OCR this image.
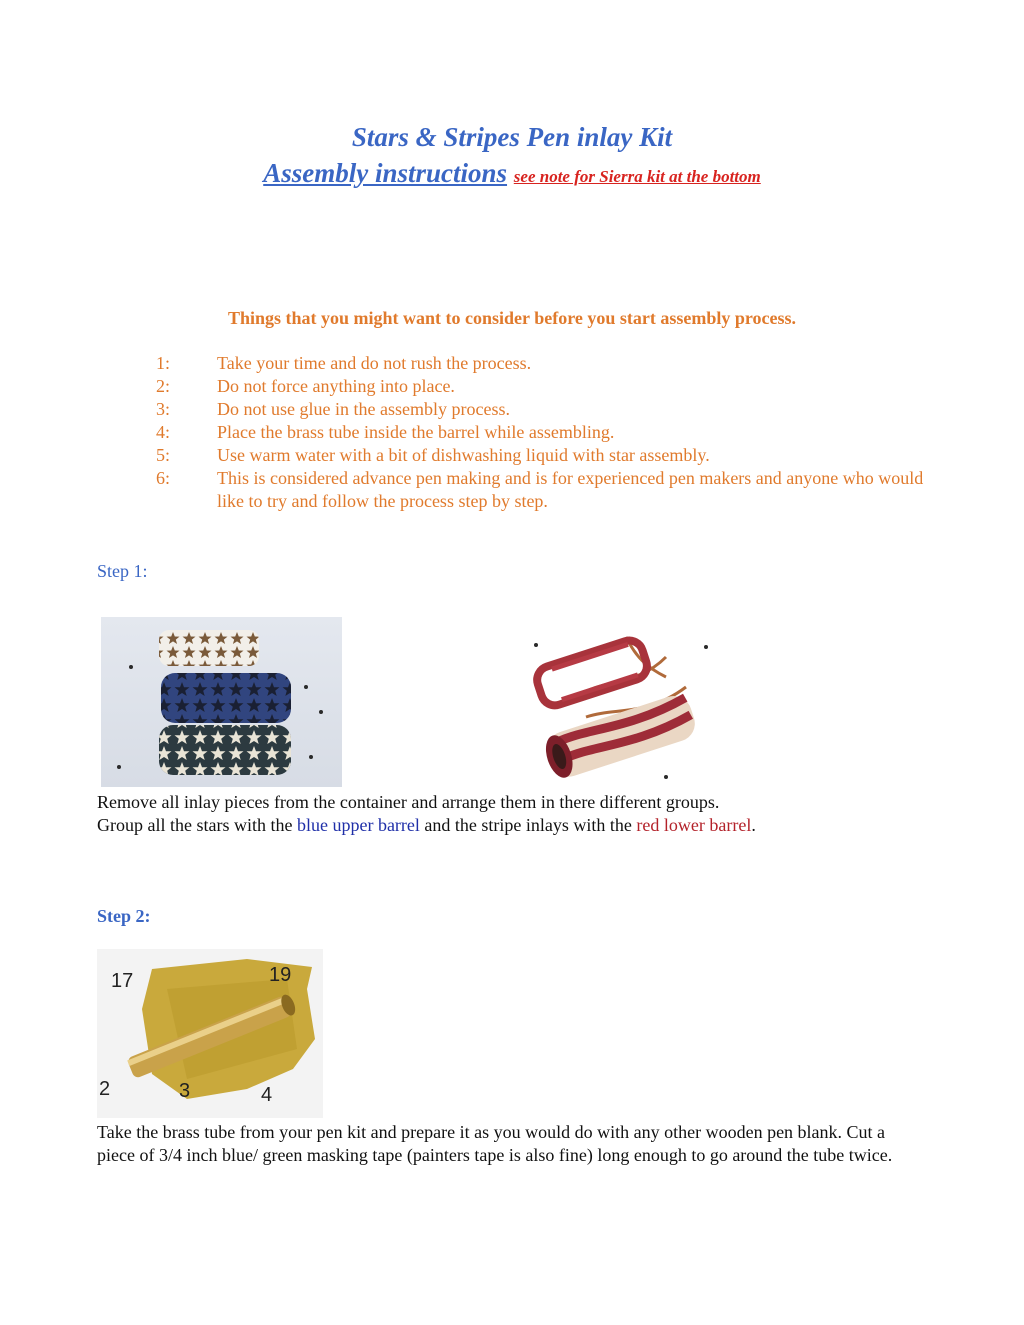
Stars & Stripes Pen inlay Kit
Assembly instructions see note for Sierra kit at the bottom
Things that you might want to consider before you start assembly process.
1:	Take your time and do not rush the process.
2:	Do not force anything into place.
3:	Do not use glue in the assembly process.
4:	Place the brass tube inside the barrel while assembling.
5:	Use warm water with a bit of dishwashing liquid with star assembly.
6:	This is considered advance pen making and is for experienced pen makers and anyone who would like to try and follow the process step by step.
Step 1:
Remove all inlay pieces from the container and arrange them in there different groups.
Group all the stars with the blue upper barrel and the stripe inlays with the red lower barrel.
Step 2:
17	19
2	3	4
Take the brass tube from your pen kit and prepare it as you would do with any other wooden pen blank. Cut a piece of 3/4 inch blue/ green masking tape (painters tape is also fine) long enough to go around the tube twice.
